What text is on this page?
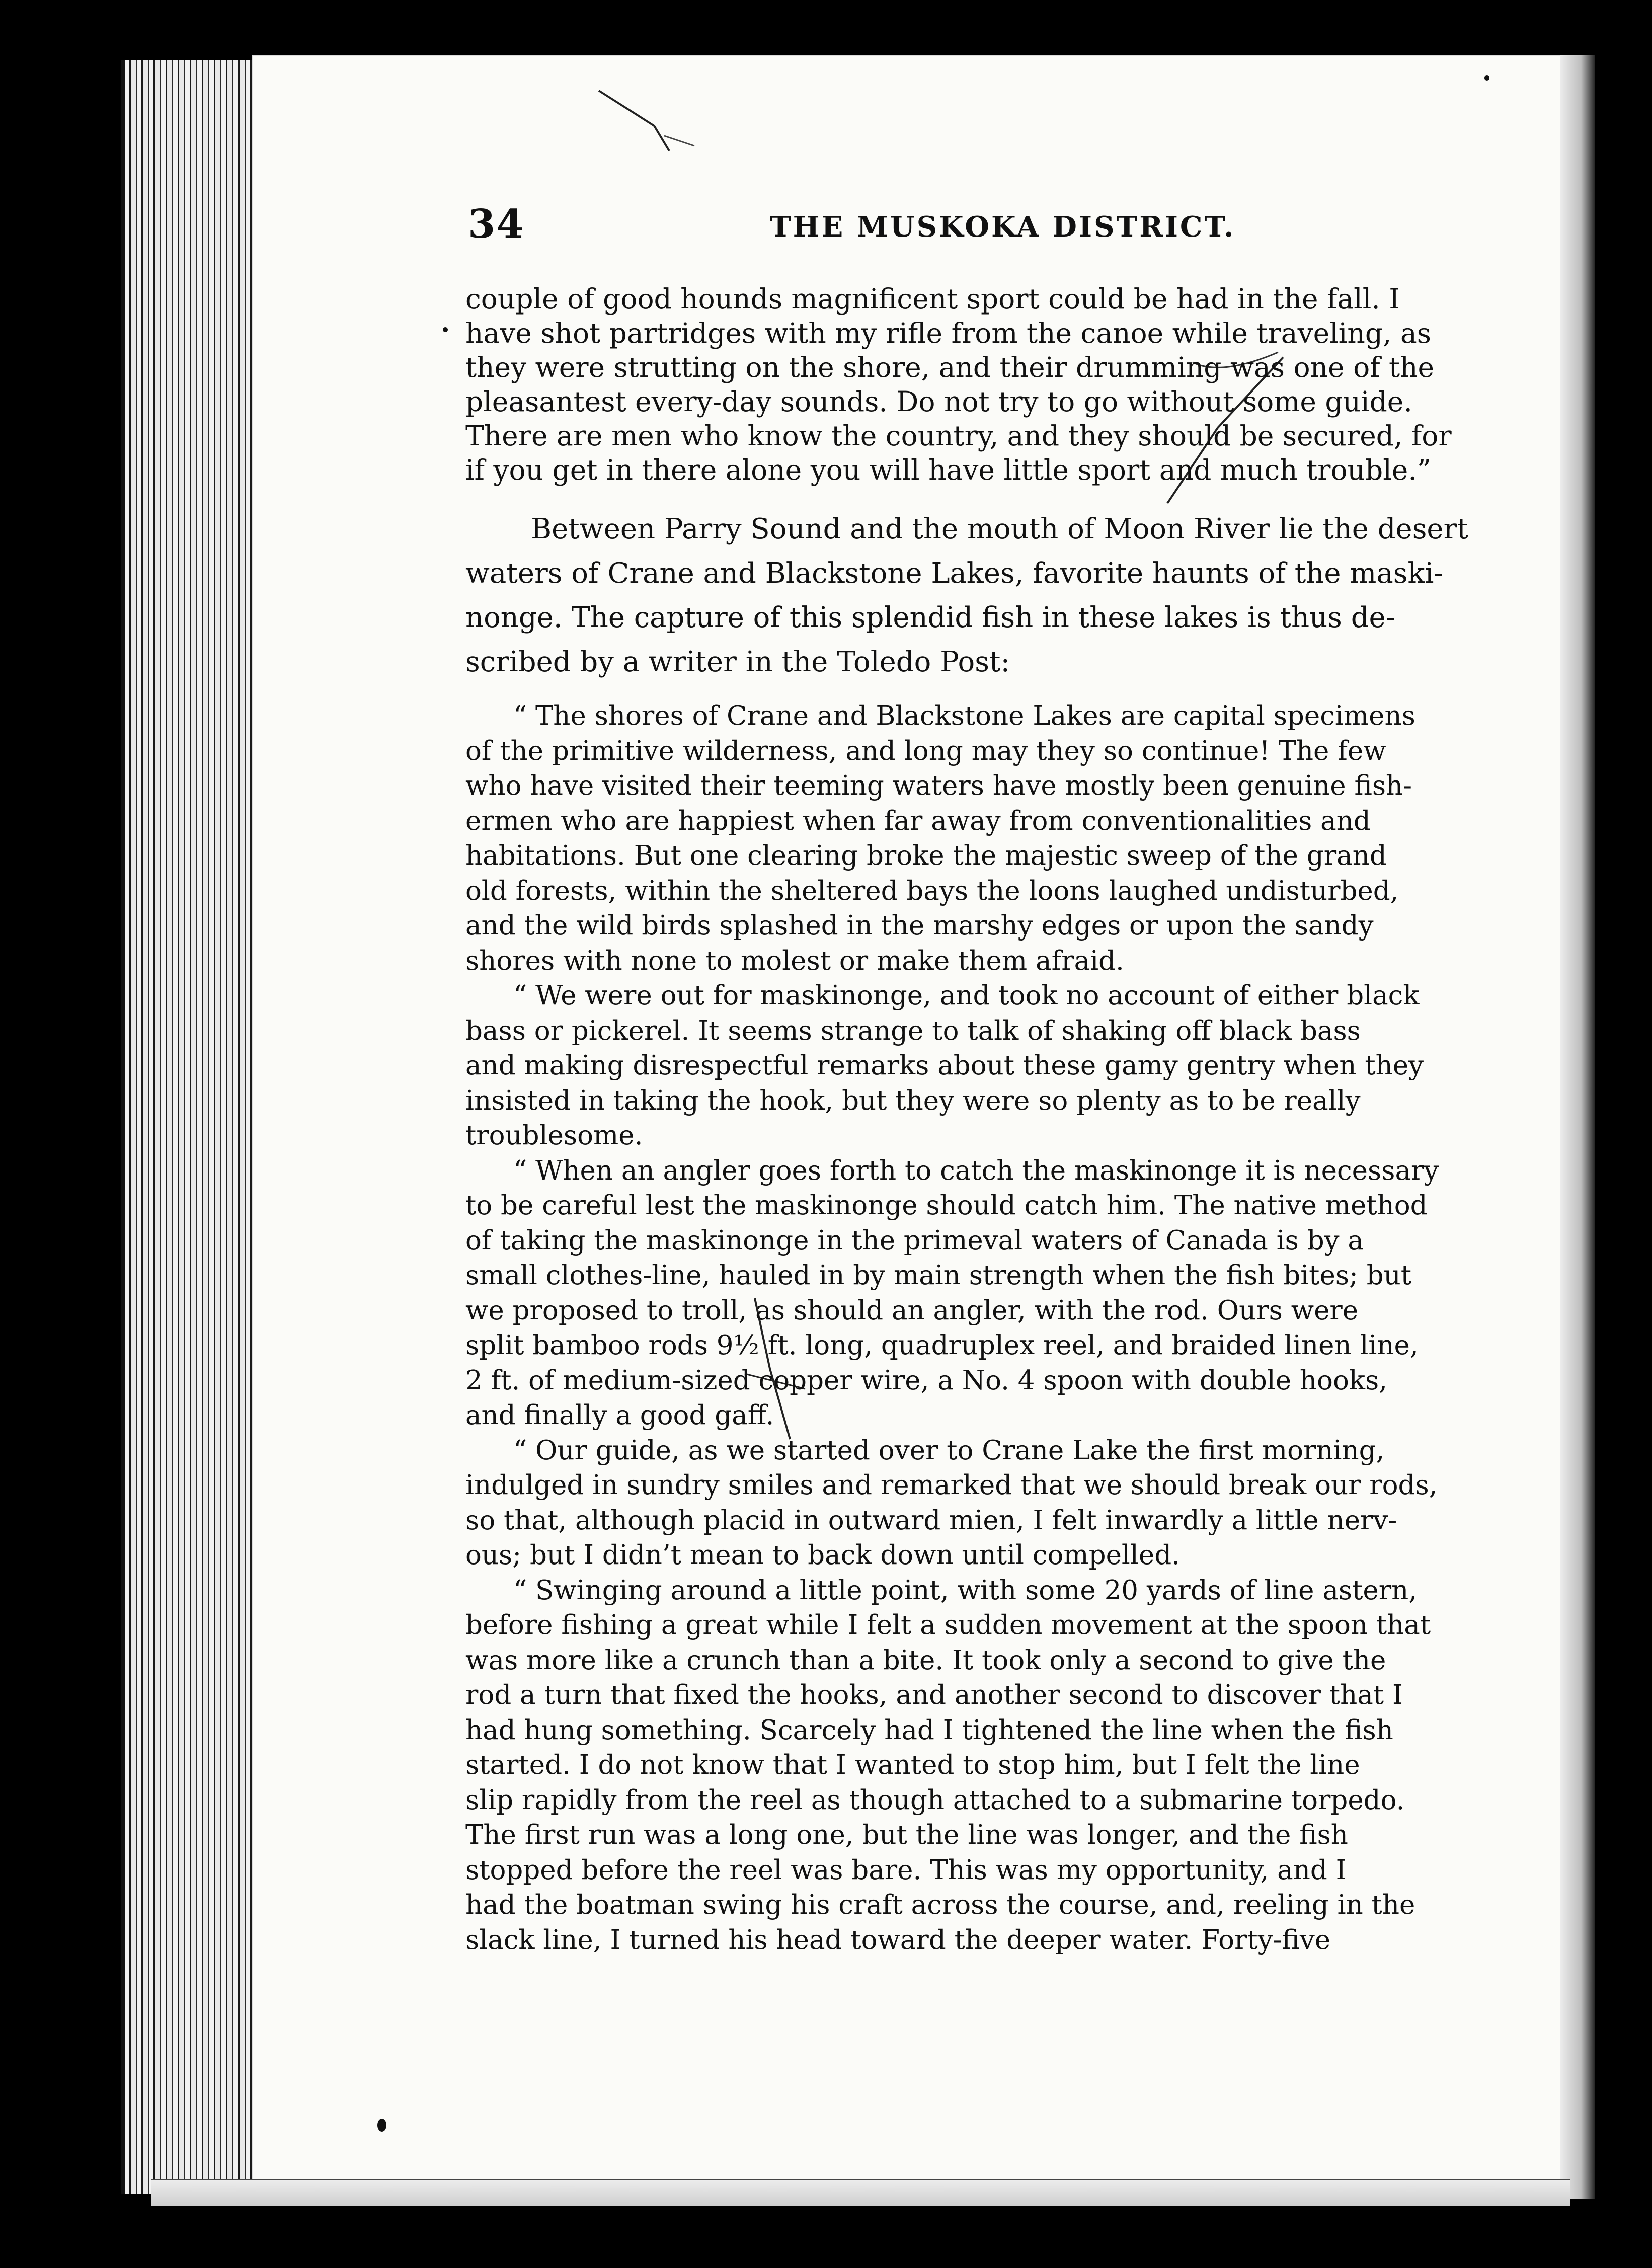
34	THE MUSKOKA DISTRICT.

couple of good hounds magnificent sport could be had in the fall. I
have shot partridges with my rifle from the canoe while traveling, as
they were strutting on the shore, and their drumming was one of the
pleasantest every-day sounds. Do not try to go without some guide.
There are men who know the country, and they should be secured, for
if you get in there alone you will have little sport and much trouble.”

Between Parry Sound and the mouth of Moon River lie the desert
waters of Crane and Blackstone Lakes, favorite haunts of the maski-
nonge. The capture of this splendid fish in these lakes is thus de-
scribed by a writer in the Toledo Post:

“ The shores of Crane and Blackstone Lakes are capital specimens
of the primitive wilderness, and long may they so continue! The few
who have visited their teeming waters have mostly been genuine fish-
ermen who are happiest when far away from conventionalities and
habitations. But one clearing broke the majestic sweep of the grand
old forests, within the sheltered bays the loons laughed undisturbed,
and the wild birds splashed in the marshy edges or upon the sandy
shores with none to molest or make them afraid.

“ We were out for maskinonge, and took no account of either black
bass or pickerel. It seems strange to talk of shaking off black bass
and making disrespectful remarks about these gamy gentry when they
insisted in taking the hook, but they were so plenty as to be really
troublesome.

“ When an angler goes forth to catch the maskinonge it is necessary
to be careful lest the maskinonge should catch him. The native method
of taking the maskinonge in the primeval waters of Canada is by a
small clothes-line, hauled in by main strength when the fish bites; but
we proposed to troll, as should an angler, with the rod. Ours were
split bamboo rods 9½ ft. long, quadruplex reel, and braided linen line,
2 ft. of medium-sized copper wire, a No. 4 spoon with double hooks,
and finally a good gaff.

“ Our guide, as we started over to Crane Lake the first morning,
indulged in sundry smiles and remarked that we should break our rods,
so that, although placid in outward mien, I felt inwardly a little nerv-
ous; but I didn’t mean to back down until compelled.

“ Swinging around a little point, with some 20 yards of line astern,
before fishing a great while I felt a sudden movement at the spoon that
was more like a crunch than a bite. It took only a second to give the
rod a turn that fixed the hooks, and another second to discover that I
had hung something. Scarcely had I tightened the line when the fish
started. I do not know that I wanted to stop him, but I felt the line
slip rapidly from the reel as though attached to a submarine torpedo.
The first run was a long one, but the line was longer, and the fish
stopped before the reel was bare. This was my opportunity, and I
had the boatman swing his craft across the course, and, reeling in the
slack line, I turned his head toward the deeper water. Forty-five
